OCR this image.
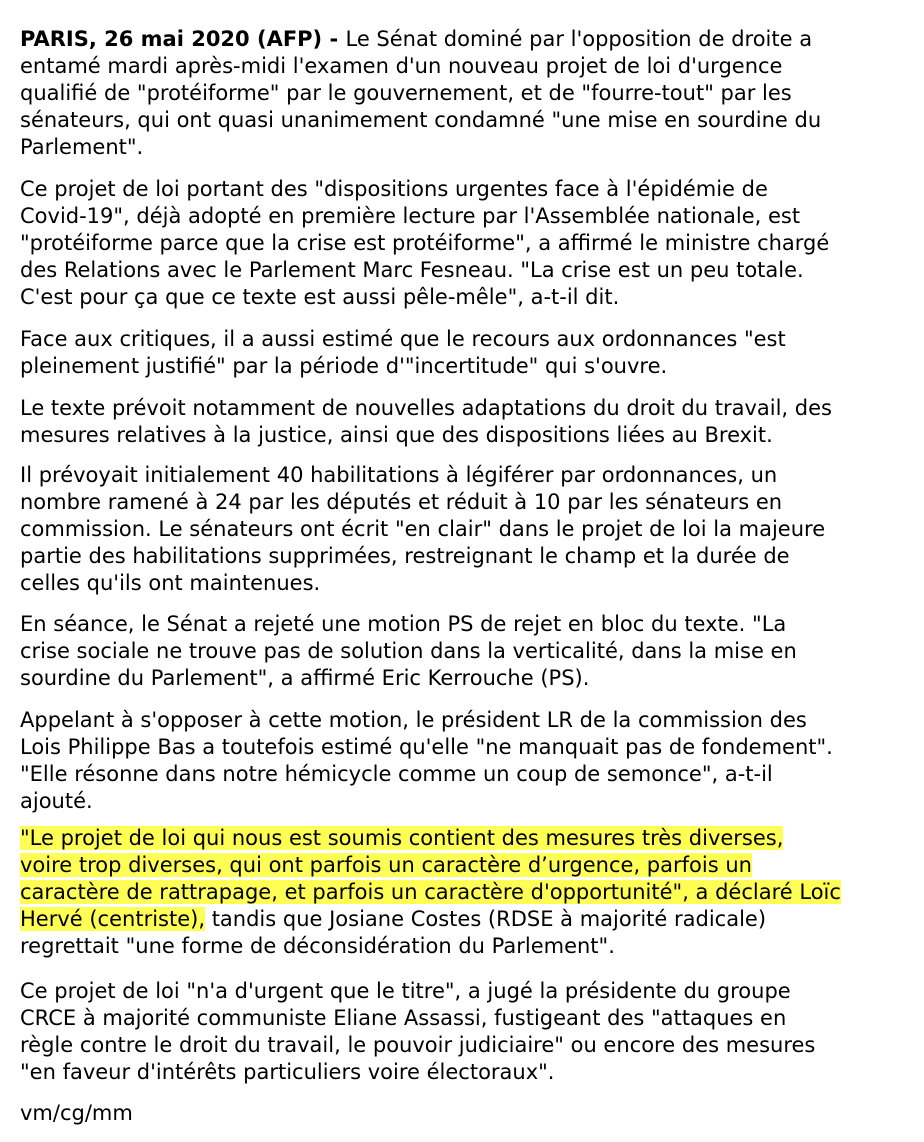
PARIS, 26 mai 2020 (AFP) - Le Sénat dominé par l'opposition de droite a
entamé mardi après-midi l'examen d'un nouveau projet de loi d'urgence
qualifié de "protéiforme" par le gouvernement, et de "fourre-tout" par les
sénateurs, qui ont quasi unanimement condamné "une mise en sourdine du
Parlement".

Ce projet de loi portant des "dispositions urgentes face à l'épidémie de
Covid-19", déjà adopté en première lecture par l'Assemblée nationale, est
"protéiforme parce que la crise est protéiforme", a affirmé le ministre chargé
des Relations avec le Parlement Marc Fesneau. "La crise est un peu totale.
C'est pour ça que ce texte est aussi pêle-mêle", a-t-il dit.

Face aux critiques, il a aussi estimé que le recours aux ordonnances "est
pleinement justifié" par la période d'"incertitude" qui s'ouvre.

Le texte prévoit notamment de nouvelles adaptations du droit du travail, des
mesures relatives à la justice, ainsi que des dispositions liées au Brexit.

Il prévoyait initialement 40 habilitations à légiférer par ordonnances, un
nombre ramené à 24 par les députés et réduit à 10 par les sénateurs en
commission. Le sénateurs ont écrit "en clair" dans le projet de loi la majeure
partie des habilitations supprimées, restreignant le champ et la durée de
celles qu'ils ont maintenues.

En séance, le Sénat a rejeté une motion PS de rejet en bloc du texte. "La
crise sociale ne trouve pas de solution dans la verticalité, dans la mise en
sourdine du Parlement", a affirmé Eric Kerrouche (PS).

Appelant à s'opposer à cette motion, le président LR de la commission des
Lois Philippe Bas a toutefois estimé qu'elle "ne manquait pas de fondement".
"Elle résonne dans notre hémicycle comme un coup de semonce", a-t-il
ajouté.

"Le projet de loi qui nous est soumis contient des mesures très diverses,
voire trop diverses, qui ont parfois un caractère d’urgence, parfois un
caractère de rattrapage, et parfois un caractère d'opportunité", a déclaré Loïc
Hervé (centriste), tandis que Josiane Costes (RDSE à majorité radicale)
regrettait "une forme de déconsidération du Parlement".

Ce projet de loi "n'a d'urgent que le titre", a jugé la présidente du groupe
CRCE à majorité communiste Eliane Assassi, fustigeant des "attaques en
règle contre le droit du travail, le pouvoir judiciaire" ou encore des mesures
"en faveur d'intérêts particuliers voire électoraux".

vm/cg/mm
